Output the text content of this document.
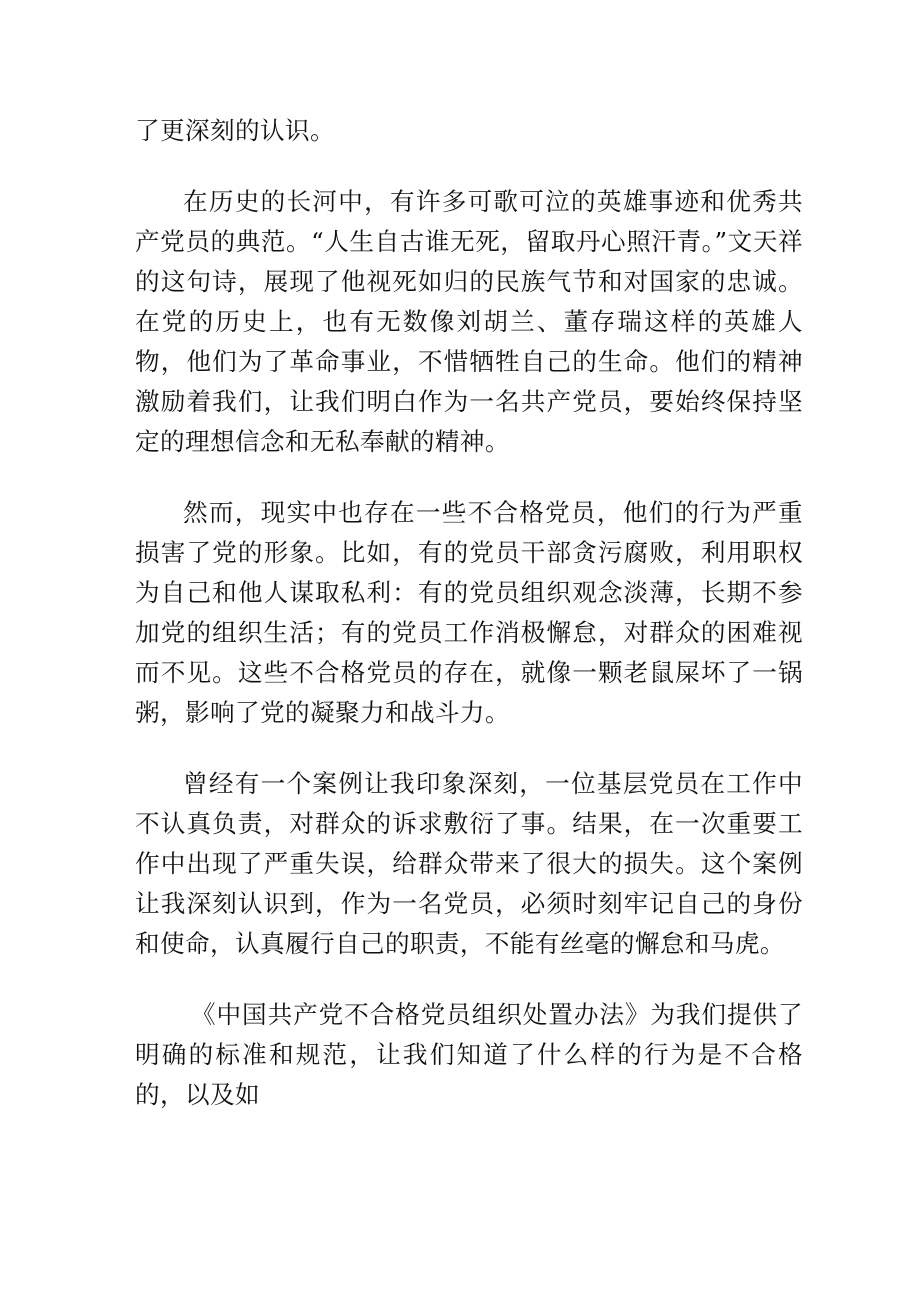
了更深刻的认识。

在历史的长河中，有许多可歌可泣的英雄事迹和优秀共产党员的典范。“人生自古谁无死，留取丹心照汗青。”文天祥的这句诗，展现了他视死如归的民族气节和对国家的忠诚。在党的历史上，也有无数像刘胡兰、董存瑞这样的英雄人物，他们为了革命事业，不惜牺牲自己的生命。他们的精神激励着我们，让我们明白作为一名共产党员，要始终保持坚定的理想信念和无私奉献的精神。

然而，现实中也存在一些不合格党员，他们的行为严重损害了党的形象。比如，有的党员干部贪污腐败，利用职权为自己和他人谋取私利：有的党员组织观念淡薄，长期不参加党的组织生活；有的党员工作消极懈怠，对群众的困难视而不见。这些不合格党员的存在，就像一颗老鼠屎坏了一锅粥，影响了党的凝聚力和战斗力。

曾经有一个案例让我印象深刻，一位基层党员在工作中不认真负责，对群众的诉求敷衍了事。结果，在一次重要工作中出现了严重失误，给群众带来了很大的损失。这个案例让我深刻认识到，作为一名党员，必须时刻牢记自己的身份和使命，认真履行自己的职责，不能有丝毫的懈怠和马虎。

《中国共产党不合格党员组织处置办法》为我们提供了明确的标准和规范，让我们知道了什么样的行为是不合格的，以及如
